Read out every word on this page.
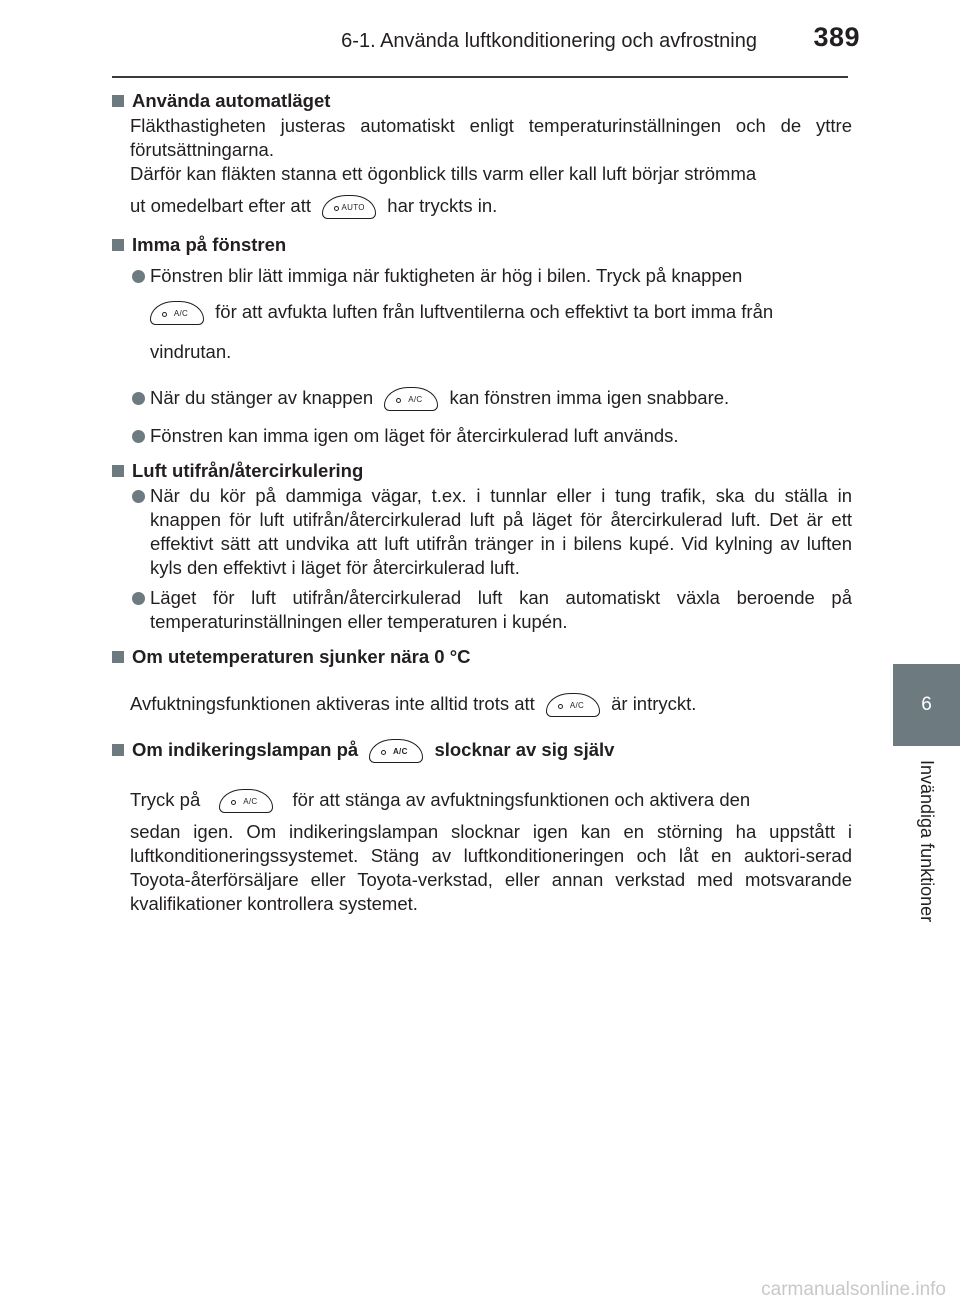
6-1. Använda luftkonditionering och avfrostning 389
6
Invändiga funktioner
Använda automatläget

Fläkthastigheten justeras automatiskt enligt temperaturinställningen och de yttre förutsättningarna.

Därför kan fläkten stanna ett ögonblick tills varm eller kall luft börjar strömma

ut omedelbart efter att	AUTO har tryckts in.

Imma på fönstren
Fönstren blir lätt immiga när fuktigheten är hög i bilen. Tryck på knappen
A/C för att avfukta luften från luftventilerna och effektivt ta bort imma från
vindrutan.
När du stänger av knappen	A/C kan fönstren imma igen snabbare.
Fönstren kan imma igen om läget för återcirkulerad luft används.
Luft utifrån/återcirkulering
När du kör på dammiga vägar, t.ex. i tunnlar eller i tung trafik, ska du ställa in knappen för luft utifrån/återcirkulerad luft på läget för återcirkulerad luft. Det är ett effektivt sätt att undvika att luft utifrån tränger in i bilens kupé. Vid kylning av luften kyls den effektivt i läget för återcirkulerad luft.
Läget för luft utifrån/återcirkulerad luft kan automatiskt växla beroende på temperaturinställningen eller temperaturen i kupén.
Om utetemperaturen sjunker nära 0 °C

Avfuktningsfunktionen aktiveras inte alltid trots att	A/C är intryckt.

Om indikeringslampan på	A/C slocknar av sig själv

Tryck på	A/C för att stänga av avfuktningsfunktionen och aktivera den

sedan igen. Om indikeringslampan slocknar igen kan en störning ha uppstått i luftkonditioneringssystemet. Stäng av luftkonditioneringen och låt en auktori-serad Toyota-återförsäljare eller Toyota-verkstad, eller annan verkstad med motsvarande kvalifikationer kontrollera systemet.

carmanualsonline.info
